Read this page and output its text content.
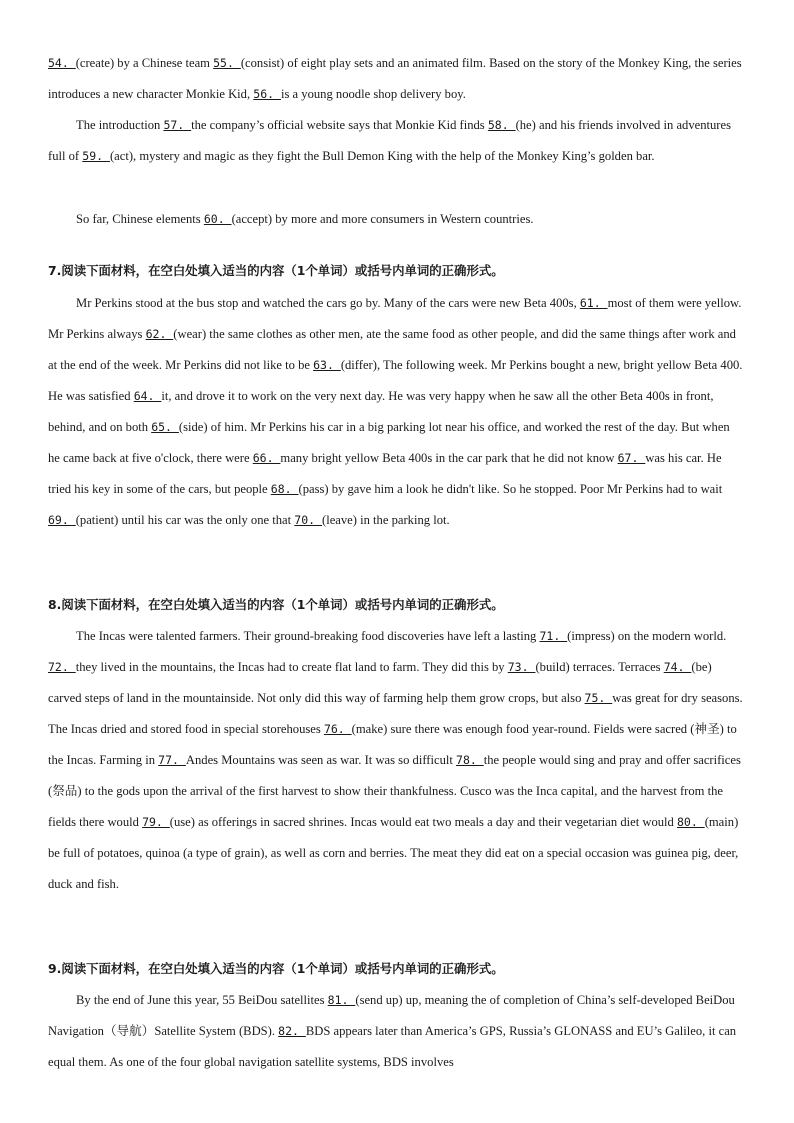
54. (create) by a Chinese team 55. (consist) of eight play sets and an animated film. Based on the story of the Monkey King, the series introduces a new character Monkie Kid, 56. is a young noodle shop delivery boy.

The introduction 57. the company’s official website says that Monkie Kid finds 58. (he) and his friends involved in adventures full of 59. (act), mystery and magic as they fight the Bull Demon King with the help of the Monkey King’s golden bar.

So far, Chinese elements 60. (accept) by more and more consumers in Western countries.

7.阅读下面材料，在空白处填入适当的内容（1个单词）或括号内单词的正确形式。

Mr Perkins stood at the bus stop and watched the cars go by. Many of the cars were new Beta 400s, 61. most of them were yellow. Mr Perkins always 62. (wear) the same clothes as other men, ate the same food as other people, and did the same things after work and at the end of the week. Mr Perkins did not like to be 63. (differ), The following week. Mr Perkins bought a new, bright yellow Beta 400. He was satisfied 64. it, and drove it to work on the very next day. He was very happy when he saw all the other Beta 400s in front, behind, and on both 65. (side) of him. Mr Perkins his car in a big parking lot near his office, and worked the rest of the day. But when he came back at five o'clock, there were 66. many bright yellow Beta 400s in the car park that he did not know 67. was his car. He tried his key in some of the cars, but people 68. (pass) by gave him a look he didn't like. So he stopped. Poor Mr Perkins had to wait 69. (patient) until his car was the only one that 70. (leave) in the parking lot.

8.阅读下面材料，在空白处填入适当的内容（1个单词）或括号内单词的正确形式。

The Incas were talented farmers. Their ground-breaking food discoveries have left a lasting 71. (impress) on the modern world. 72. they lived in the mountains, the Incas had to create flat land to farm. They did this by 73. (build) terraces. Terraces 74. (be) carved steps of land in the mountainside. Not only did this way of farming help them grow crops, but also 75. was great for dry seasons. The Incas dried and stored food in special storehouses 76. (make) sure there was enough food year-round. Fields were sacred (神圣) to the Incas. Farming in 77. Andes Mountains was seen as war. It was so difficult 78. the people would sing and pray and offer sacrifices (祭品) to the gods upon the arrival of the first harvest to show their thankfulness. Cusco was the Inca capital, and the harvest from the fields there would 79. (use) as offerings in sacred shrines. Incas would eat two meals a day and their vegetarian diet would 80. (main) be full of potatoes, quinoa (a type of grain), as well as corn and berries. The meat they did eat on a special occasion was guinea pig, deer, duck and fish.

9.阅读下面材料，在空白处填入适当的内容（1个单词）或括号内单词的正确形式。

By the end of June this year, 55 BeiDou satellites 81. (send up) up, meaning the of completion of China’s self-developed BeiDou Navigation（导航）Satellite System (BDS). 82. BDS appears later than America’s GPS, Russia’s GLONASS and EU’s Galileo, it can equal them. As one of the four global navigation satellite systems, BDS involves
